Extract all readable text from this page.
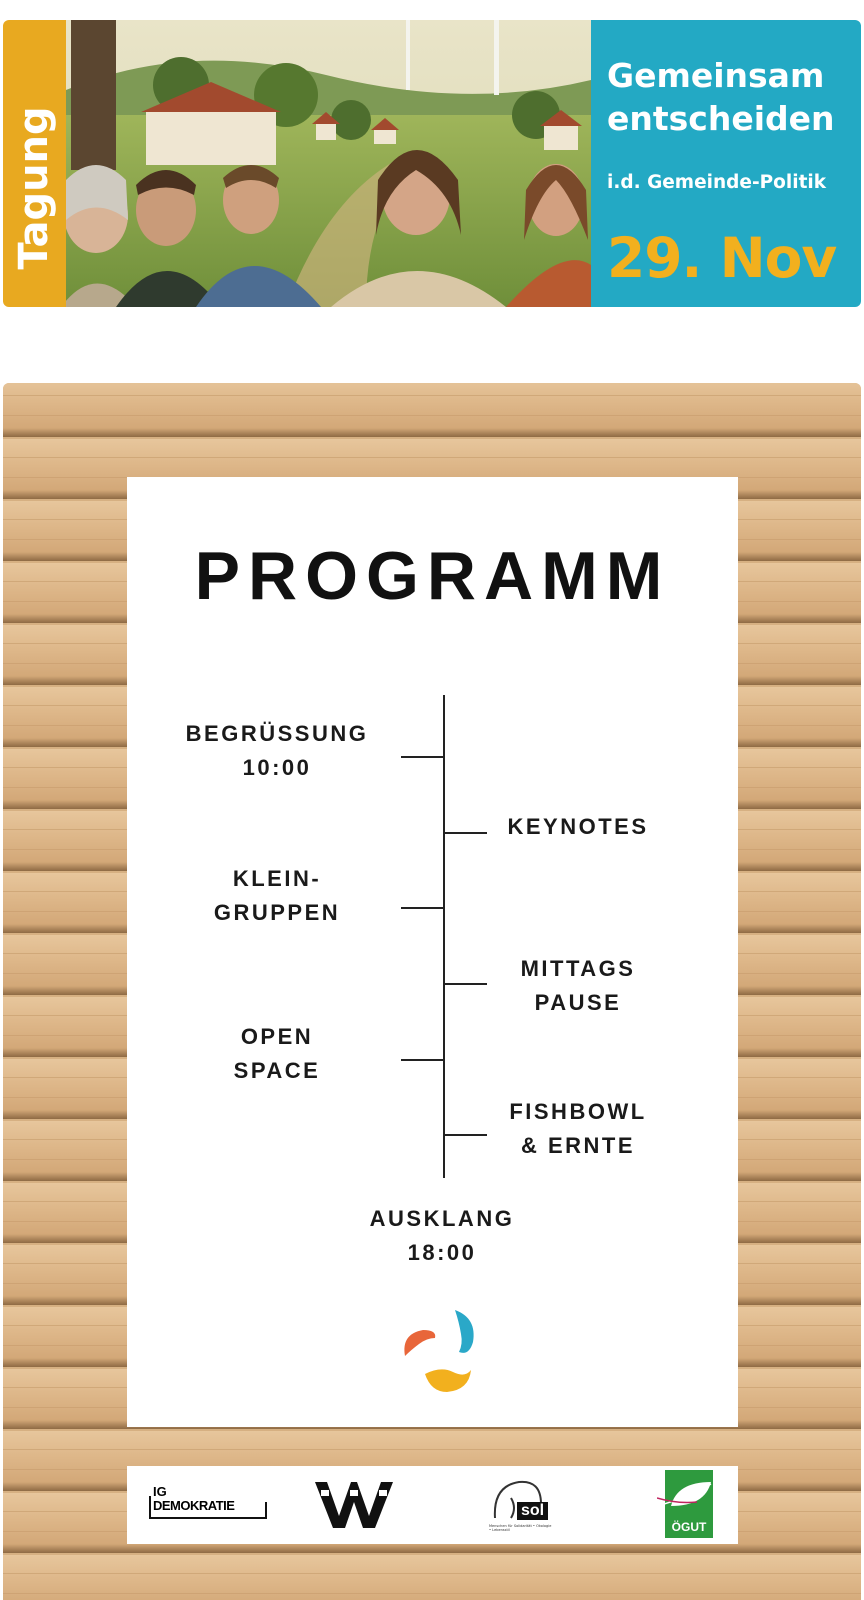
Tagung
Gemeinsam
entscheiden
i.d. Gemeinde-Politik
29. Nov
PROGRAMM
BEGRÜSSUNG
10:00
KEYNOTES
KLEIN-
GRUPPEN
MITTAGS
PAUSE
OPEN
SPACE
FISHBOWL
& ERNTE
AUSKLANG
18:00
IG
DEMOKRATIE	sol
Menschen für Solidarität • Ökologie • Lebensstil	ÖGUT
